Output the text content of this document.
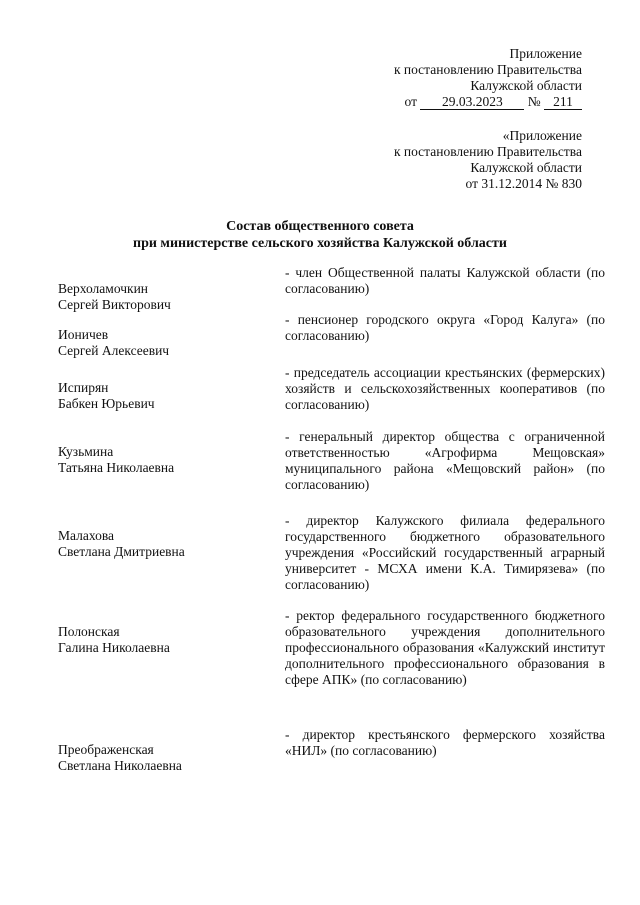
Приложение
к постановлению Правительства
Калужской области
от 29.03.2023 № 211
«Приложение
к постановлению Правительства
Калужской области
от 31.12.2014 № 830
Состав общественного совета
при министерстве сельского хозяйства Калужской области
Верхоламочкин
Сергей Викторович
- член Общественной палаты Калужской области (по согласованию)
Ионичев
Сергей Алексеевич
- пенсионер городского округа «Город Калуга» (по согласованию)
Испирян
Бабкен Юрьевич
- председатель ассоциации крестьянских (фермерских) хозяйств и сельскохозяйственных кооперативов (по согласованию)
Кузьмина
Татьяна Николаевна
- генеральный директор общества с ограниченной ответственностью «Агрофирма Мещовская» муниципального района «Мещовский район» (по согласованию)
Малахова
Светлана Дмитриевна
- директор Калужского филиала федерального государственного бюджетного образовательного учреждения «Российский государственный аграрный университет - МСХА имени К.А. Тимирязева» (по согласованию)
Полонская
Галина Николаевна
- ректор федерального государственного бюджетного образовательного учреждения дополнительного профессионального образования «Калужский институт дополнительного профессионального образования в сфере АПК» (по согласованию)
Преображенская
Светлана Николаевна
- директор крестьянского фермерского хозяйства «НИЛ» (по согласованию)
